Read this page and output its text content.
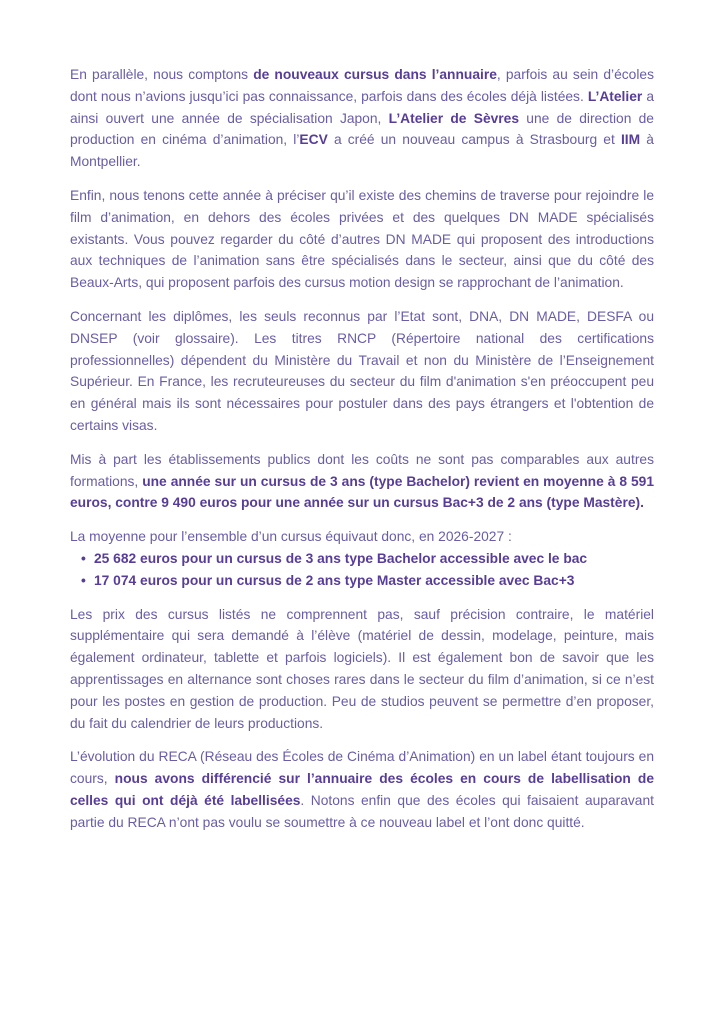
En parallèle, nous comptons de nouveaux cursus dans l’annuaire, parfois au sein d’écoles dont nous n’avions jusqu’ici pas connaissance, parfois dans des écoles déjà listées. L’Atelier a ainsi ouvert une année de spécialisation Japon, L’Atelier de Sèvres une de direction de production en cinéma d’animation, l’ECV a créé un nouveau campus à Strasbourg et IIM à Montpellier.

Enfin, nous tenons cette année à préciser qu’il existe des chemins de traverse pour rejoindre le film d’animation, en dehors des écoles privées et des quelques DN MADE spécialisés existants. Vous pouvez regarder du côté d’autres DN MADE qui proposent des introductions aux techniques de l’animation sans être spécialisés dans le secteur, ainsi que du côté des Beaux-Arts, qui proposent parfois des cursus motion design se rapprochant de l’animation.

Concernant les diplômes, les seuls reconnus par l’Etat sont, DNA, DN MADE, DESFA ou DNSEP (voir glossaire). Les titres RNCP (Répertoire national des certifications professionnelles) dépendent du Ministère du Travail et non du Ministère de l’Enseignement Supérieur. En France, les recruteureuses du secteur du film d'animation s'en préoccupent peu en général mais ils sont nécessaires pour postuler dans des pays étrangers et l'obtention de certains visas.

Mis à part les établissements publics dont les coûts ne sont pas comparables aux autres formations, une année sur un cursus de 3 ans (type Bachelor) revient en moyenne à 8 591 euros, contre 9 490 euros pour une année sur un cursus Bac+3 de 2 ans (type Mastère).

La moyenne pour l’ensemble d’un cursus équivaut donc, en 2026-2027 :

• 25 682 euros pour un cursus de 3 ans type Bachelor accessible avec le bac
• 17 074 euros pour un cursus de 2 ans type Master accessible avec Bac+3

Les prix des cursus listés ne comprennent pas, sauf précision contraire, le matériel supplémentaire qui sera demandé à l’élève (matériel de dessin, modelage, peinture, mais également ordinateur, tablette et parfois logiciels). Il est également bon de savoir que les apprentissages en alternance sont choses rares dans le secteur du film d’animation, si ce n’est pour les postes en gestion de production. Peu de studios peuvent se permettre d’en proposer, du fait du calendrier de leurs productions.

L’évolution du RECA (Réseau des Écoles de Cinéma d’Animation) en un label étant toujours en cours, nous avons différencié sur l’annuaire des écoles en cours de labellisation de celles qui ont déjà été labellisées. Notons enfin que des écoles qui faisaient auparavant partie du RECA n’ont pas voulu se soumettre à ce nouveau label et l’ont donc quitté.
